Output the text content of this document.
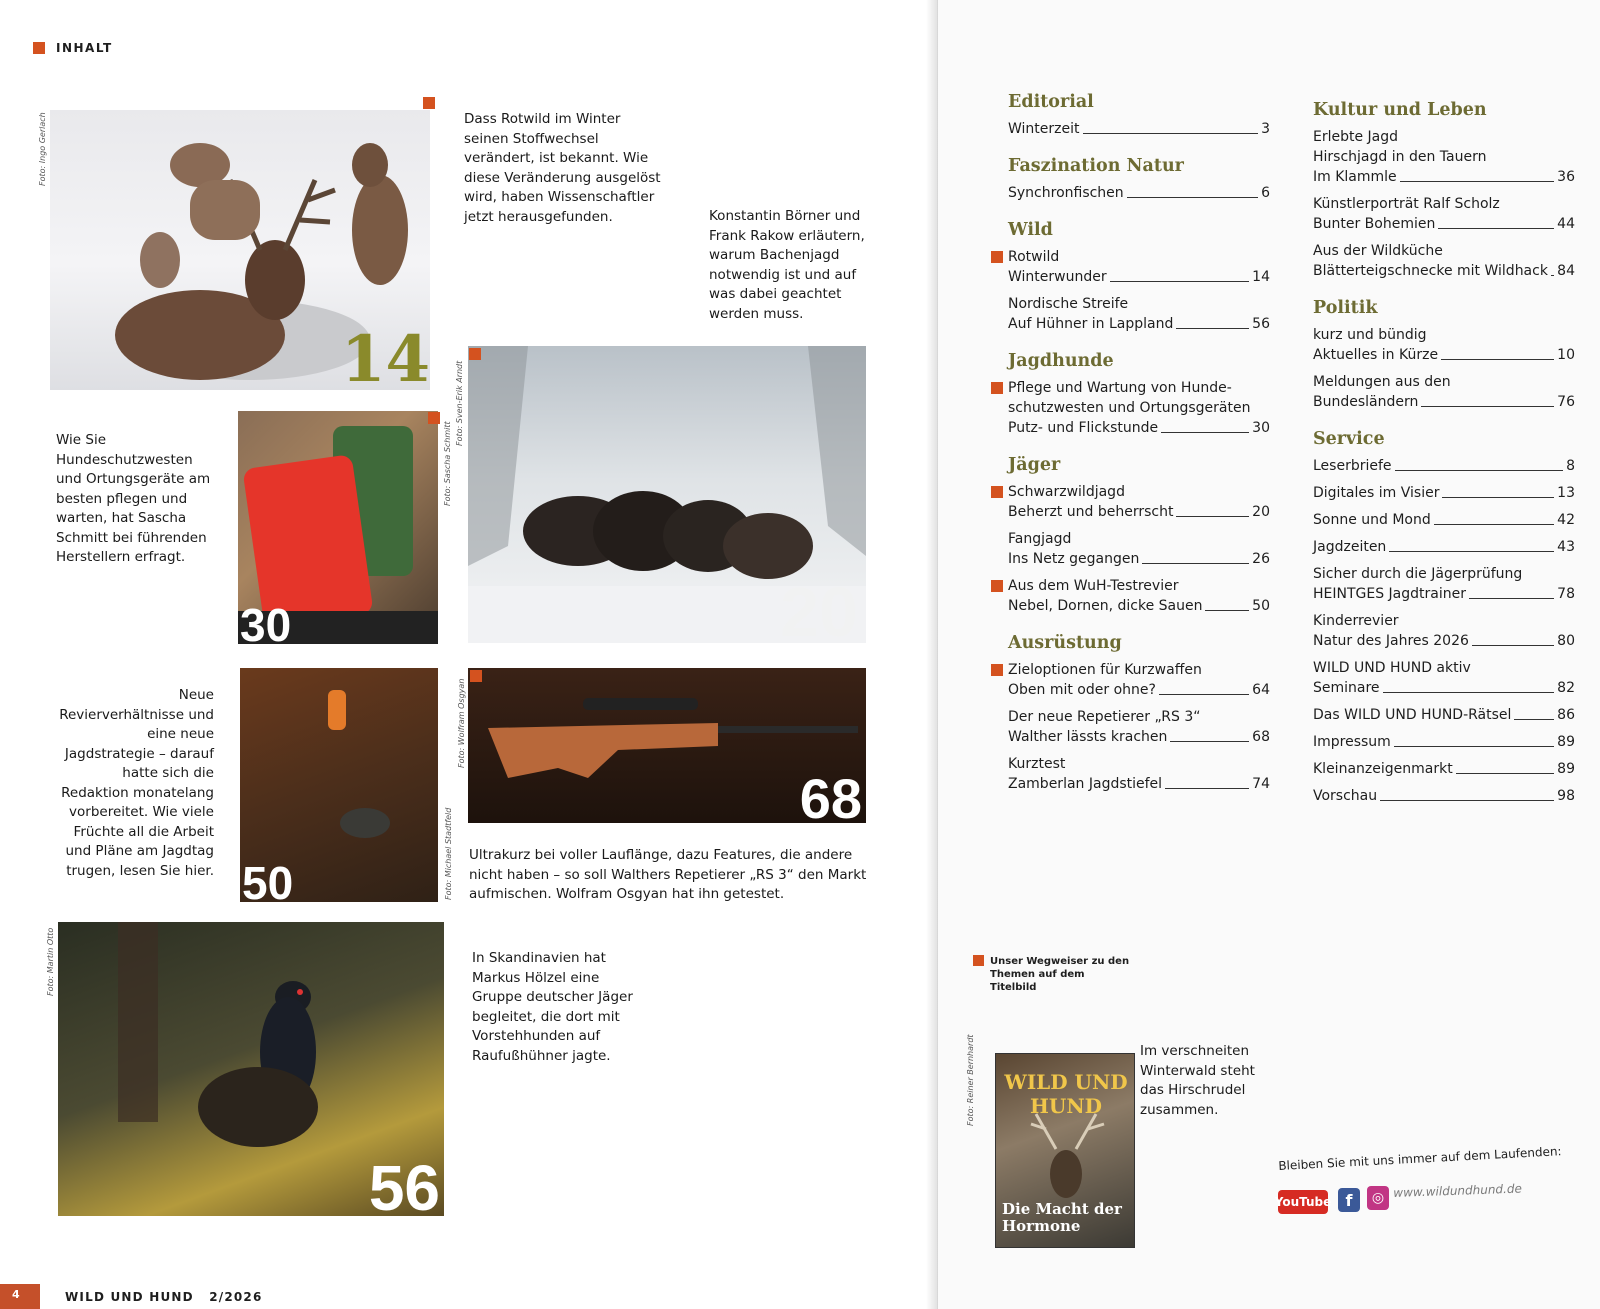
INHALT
14
Foto: Ingo Gerlach	Dass Rotwild im Winter seinen Stoffwechsel verändert, ist bekannt. Wie diese Veränderung ausgelöst wird, haben Wissenschaftler jetzt herausgefunden.
30
Foto: Sascha Schmitt
Wie Sie Hundeschutzwesten und Ortungsgeräte am besten pflegen und warten, hat Sascha Schmitt bei führenden Herstellern erfragt.
20
Foto: Sven-Erik Arndt
Konstantin Börner und Frank Rakow erläutern, warum Bachenjagd notwendig ist und auf was dabei geachtet werden muss.
50	Foto: Michael Stadtfeld
Neue Revierverhältnisse und eine neue Jagdstrategie – darauf hatte sich die Redaktion monatelang vorbereitet. Wie viele Früchte all die Arbeit und Pläne am Jagdtag trugen, lesen Sie hier.
68
Foto: Wolfram Osgyan
Ultrakurz bei voller Lauflänge, dazu Features, die andere nicht haben – so soll Walthers Repetierer „RS 3“ den Markt aufmischen. Wolfram Osgyan hat ihn getestet.
56
Foto: Martin Otto	In Skandinavien hat Markus Hölzel eine Gruppe deutscher Jäger begleitet, die dort mit Vorstehhunden auf Raufußhühner jagte.
4	WILD UND HUND 2/2026
Editorial
Winterzeit	3
Faszination Natur
Synchronfischen	6
Wild
Rotwild
Winterwunder	14
Nordische Streife
Auf Hühner in Lappland	56
Jagdhunde
Pflege und Wartung von Hunde-
schutzwesten und Ortungsgeräten
Putz- und Flickstunde	30
Jäger
Schwarzwildjagd
Beherzt und beherrscht	20
Fangjagd
Ins Netz gegangen	26
Aus dem WuH-Testrevier
Nebel, Dornen, dicke Sauen	50
Ausrüstung
Zieloptionen für Kurzwaffen
Oben mit oder ohne?	64
Der neue Repetierer „RS 3“
Walther lässts krachen	68
Kurztest
Zamberlan Jagdstiefel	74
Kultur und Leben
Erlebte Jagd
Hirschjagd in den Tauern
Im Klammle	36
Künstlerporträt Ralf Scholz
Bunter Bohemien	44
Aus der Wildküche
Blätterteigschnecke mit Wildhack 84
Politik
kurz und bündig
Aktuelles in Kürze	10
Meldungen aus den
Bundesländern	76
Service
Leserbriefe	8
Digitales im Visier	13
Sonne und Mond	42
Jagdzeiten	43
Sicher durch die Jägerprüfung
HEINTGES Jagdtrainer	78
Kinderrevier
Natur des Jahres 2026	80
WILD UND HUND aktiv
Seminare	82
Das WILD UND HUND-Rätsel	86
Impressum	89
Kleinanzeigenmarkt	89
Vorschau	98
Unser Wegweiser zu den Themen auf dem Titelbild
WILD UND HUND
Die Macht der Hormone
Foto: Reiner Bernhardt	Im verschneiten Winterwald steht das Hirschrudel zusammen.
Bleiben Sie mit uns immer auf dem Laufenden:
YouTube f	◎ www.wildundhund.de
